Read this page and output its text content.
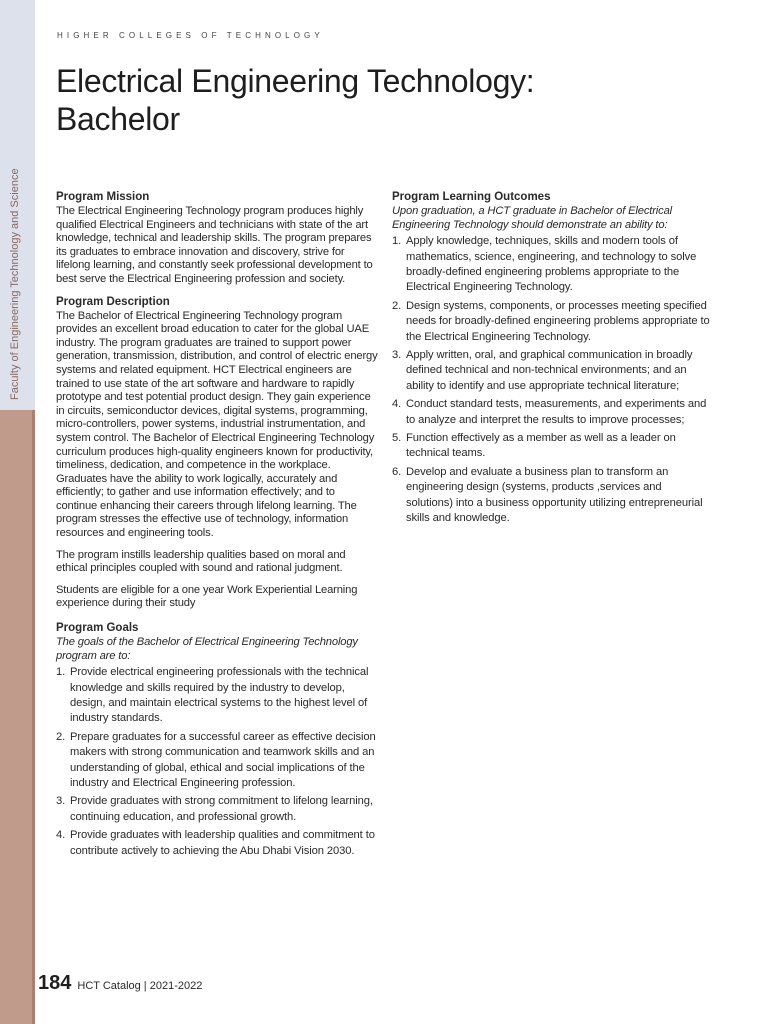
Faculty of Engineering Technology and Science
HIGHER COLLEGES OF TECHNOLOGY
Electrical Engineering Technology:
Bachelor
Program Mission

The Electrical Engineering Technology program produces highly qualified Electrical Engineers and technicians with state of the art knowledge, technical and leadership skills. The program prepares its graduates to embrace innovation and discovery, strive for lifelong learning, and constantly seek professional development to best serve the Electrical Engineering profession and society.

Program Description

The Bachelor of Electrical Engineering Technology program provides an excellent broad education to cater for the global UAE industry. The program graduates are trained to support power generation, transmission, distribution, and control of electric energy systems and related equipment. HCT Electrical engineers are trained to use state of the art software and hardware to rapidly prototype and test potential product design. They gain experience in circuits, semiconductor devices, digital systems, programming, micro-controllers, power systems, industrial instrumentation, and system control. The Bachelor of Electrical Engineering Technology curriculum produces high-quality engineers known for productivity, timeliness, dedication, and competence in the workplace. Graduates have the ability to work logically, accurately and efficiently; to gather and use information effectively; and to continue enhancing their careers through lifelong learning. The program stresses the effective use of technology, information resources and engineering tools.

The program instills leadership qualities based on moral and ethical principles coupled with sound and rational judgment.

Students are eligible for a one year Work Experiential Learning experience during their study

Program Goals

The goals of the Bachelor of Electrical Engineering Technology program are to:

1. Provide electrical engineering professionals with the technical knowledge and skills required by the industry to develop, design, and maintain electrical systems to the highest level of industry standards.
2. Prepare graduates for a successful career as effective decision makers with strong communication and teamwork skills and an understanding of global, ethical and social implications of the industry and Electrical Engineering profession.
3. Provide graduates with strong commitment to lifelong learning, continuing education, and professional growth.
4. Provide graduates with leadership qualities and commitment to contribute actively to achieving the Abu Dhabi Vision 2030.
Program Learning Outcomes

Upon graduation, a HCT graduate in Bachelor of Electrical Engineering Technology should demonstrate an ability to:

1. Apply knowledge, techniques, skills and modern tools of mathematics, science, engineering, and technology to solve broadly-defined engineering problems appropriate to the Electrical Engineering Technology.
2. Design systems, components, or processes meeting specified needs for broadly-defined engineering problems appropriate to the Electrical Engineering Technology.
3. Apply written, oral, and graphical communication in broadly defined technical and non-technical environments; and an ability to identify and use appropriate technical literature;
4. Conduct standard tests, measurements, and experiments and to analyze and interpret the results to improve processes;
5. Function effectively as a member as well as a leader on technical teams.
6. Develop and evaluate a business plan to transform an engineering design (systems, products ,services and solutions) into a business opportunity utilizing entrepreneurial skills and knowledge.
184 HCT Catalog | 2021-2022
